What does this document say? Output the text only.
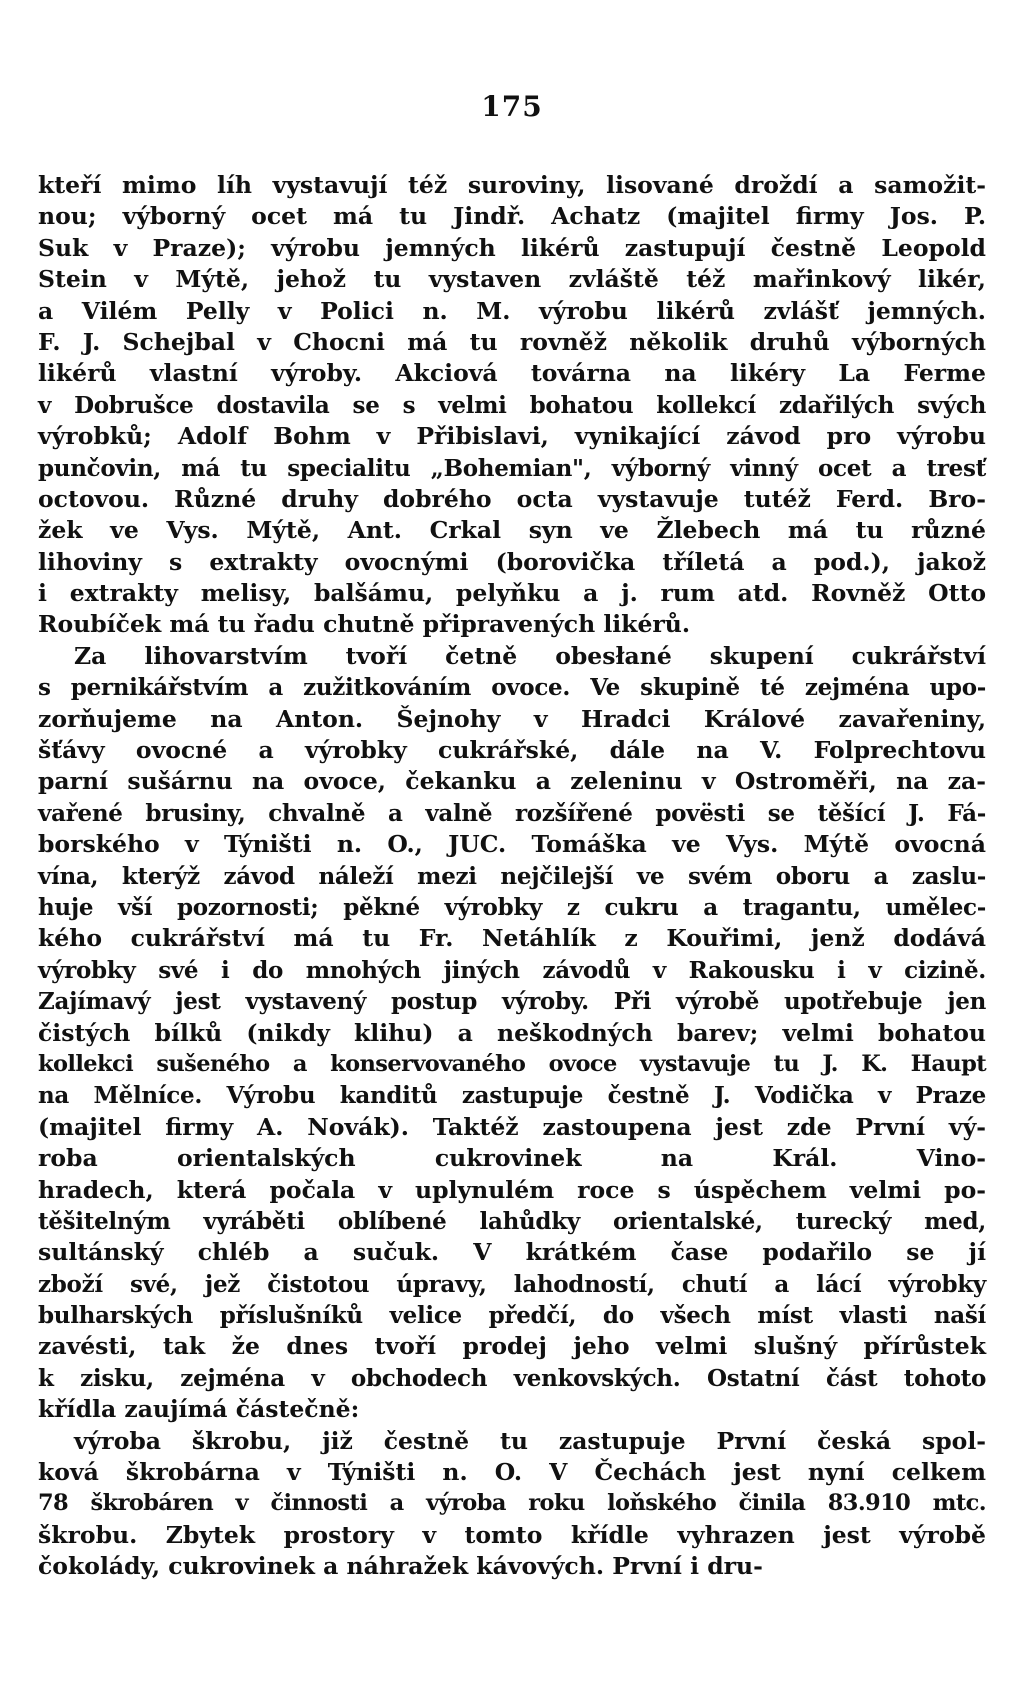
175
kteří mimo líh vystavují též suroviny, lisované droždí a samožit-
nou; výborný ocet má tu Jindř. Achatz (majitel firmy Jos. P.
Suk v Praze); výrobu jemných likérů zastupují čestně Leopold
Stein v Mýtě, jehož tu vystaven zvláště též mařinkový likér,
a Vilém Pelly v Polici n. M. výrobu likérů zvlášť jemných.
F. J. Schejbal v Chocni má tu rovněž několik druhů výborných
likérů vlastní výroby. Akciová továrna na likéry La Ferme
v Dobrušce dostavila se s velmi bohatou kollekcí zdařilých svých
výrobků; Adolf Bohm v Přibislavi, vynikající závod pro výrobu
punčovin, má tu specialitu „Bohemian", výborný vinný ocet a tresť
octovou. Různé druhy dobrého octa vystavuje tutéž Ferd. Bro-
žek ve Vys. Mýtě, Ant. Crkal syn ve Žlebech má tu různé
lihoviny s extrakty ovocnými (borovička tříletá a pod.), jakož
i extrakty melisy, balšámu, pelyňku a j. rum atd. Rovněž Otto
Roubíček má tu řadu chutně připravených likérů.
Za lihovarstvím tvoří četně obesłané skupení cukrářství
s pernikářstvím a zužitkováním ovoce. Ve skupině té zejména upo-
zorňujeme na Anton. Šejnohy v Hradci Králové zavařeniny,
šťávy ovocné a výrobky cukrářské, dále na V. Folprechtovu
parní sušárnu na ovoce, čekanku a zeleninu v Ostroměři, na za-
vařené brusiny, chvalně a valně rozšířené povësti se těšící J. Fá-
borského v Týništi n. O., JUC. Tomáška ve Vys. Mýtě ovocná
vína, kterýž závod náleží mezi nejčilejší ve svém oboru a zaslu-
huje vší pozornosti; pěkné výrobky z cukru a tragantu, umělec-
kého cukrářství má tu Fr. Netáhlík z Kouřimi, jenž dodává
výrobky své i do mnohých jiných závodů v Rakousku i v cizině.
Zajímavý jest vystavený postup výroby. Při výrobě upotřebuje jen
čistých bílků (nikdy klihu) a neškodných barev; velmi bohatou
kollekci sušeného a konservovaného ovoce vystavuje tu J. K. Haupt
na Mělníce. Výrobu kanditů zastupuje čestně J. Vodička v Praze
(majitel firmy A. Novák). Taktéž zastoupena jest zde První vý-
roba orientalských cukrovinek na Král. Vino-
hradech, která počala v uplynulém roce s úspěchem velmi po-
těšitelným vyráběti oblíbené lahůdky orientalské, turecký med,
sultánský chléb a sučuk. V krátkém čase podařilo se jí
zboží své, jež čistotou úpravy, lahodností, chutí a lácí výrobky
bulharských příslušníků velice předčí, do všech míst vlasti naší
zavésti, tak že dnes tvoří prodej jeho velmi slušný přírůstek
k zisku, zejména v obchodech venkovských. Ostatní část tohoto
křídla zaujímá částečně:
výroba škrobu, již čestně tu zastupuje První česká spol-
ková škrobárna v Týništi n. O. V Čechách jest nyní celkem
78 škrobáren v činnosti a výroba roku loňského činila 83.910 mtc.
škrobu. Zbytek prostory v tomto křídle vyhrazen jest výrobě
čokolády, cukrovinek a náhražek kávových. První i dru-
